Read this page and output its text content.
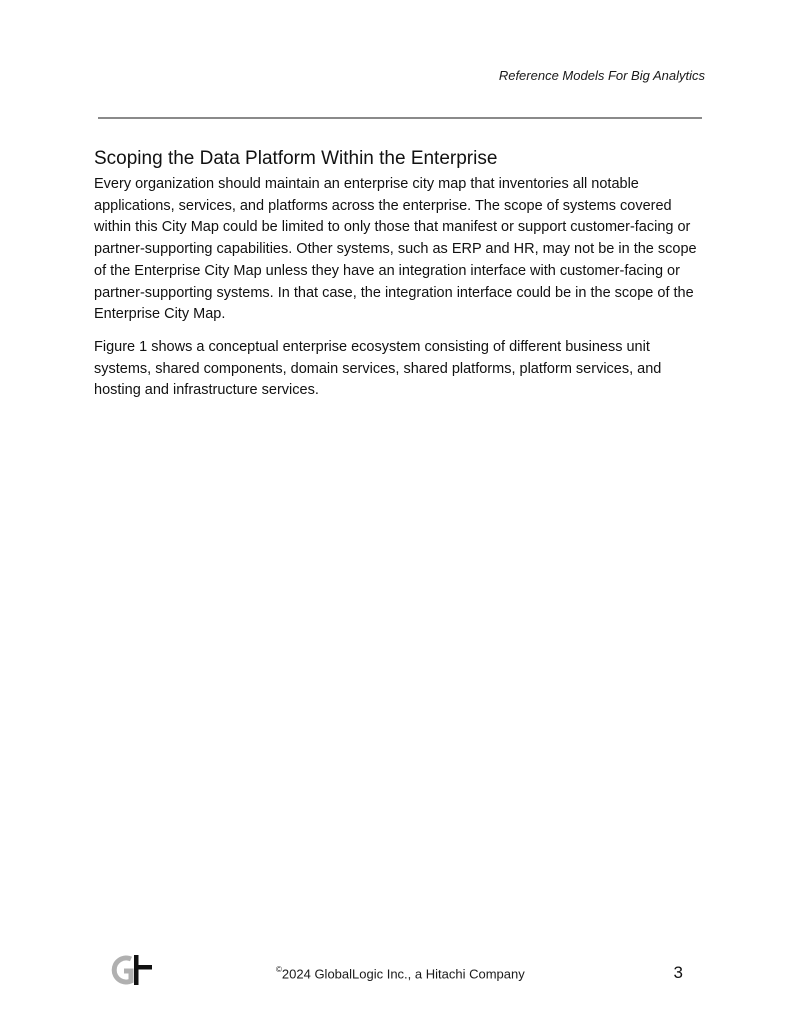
Reference Models For Big Analytics
Scoping the Data Platform Within the Enterprise

Every organization should maintain an enterprise city map that inventories all notable applications, services, and platforms across the enterprise. The scope of systems covered within this City Map could be limited to only those that manifest or support customer-facing or partner-supporting capabilities. Other systems, such as ERP and HR, may not be in the scope of the Enterprise City Map unless they have an integration interface with customer-facing or partner-supporting systems. In that case, the integration interface could be in the scope of the Enterprise City Map.

Figure 1 shows a conceptual enterprise ecosystem consisting of different business unit systems, shared components, domain services, shared platforms, platform services, and hosting and infrastructure services.

©2024 GlobalLogic Inc., a Hitachi Company	3
